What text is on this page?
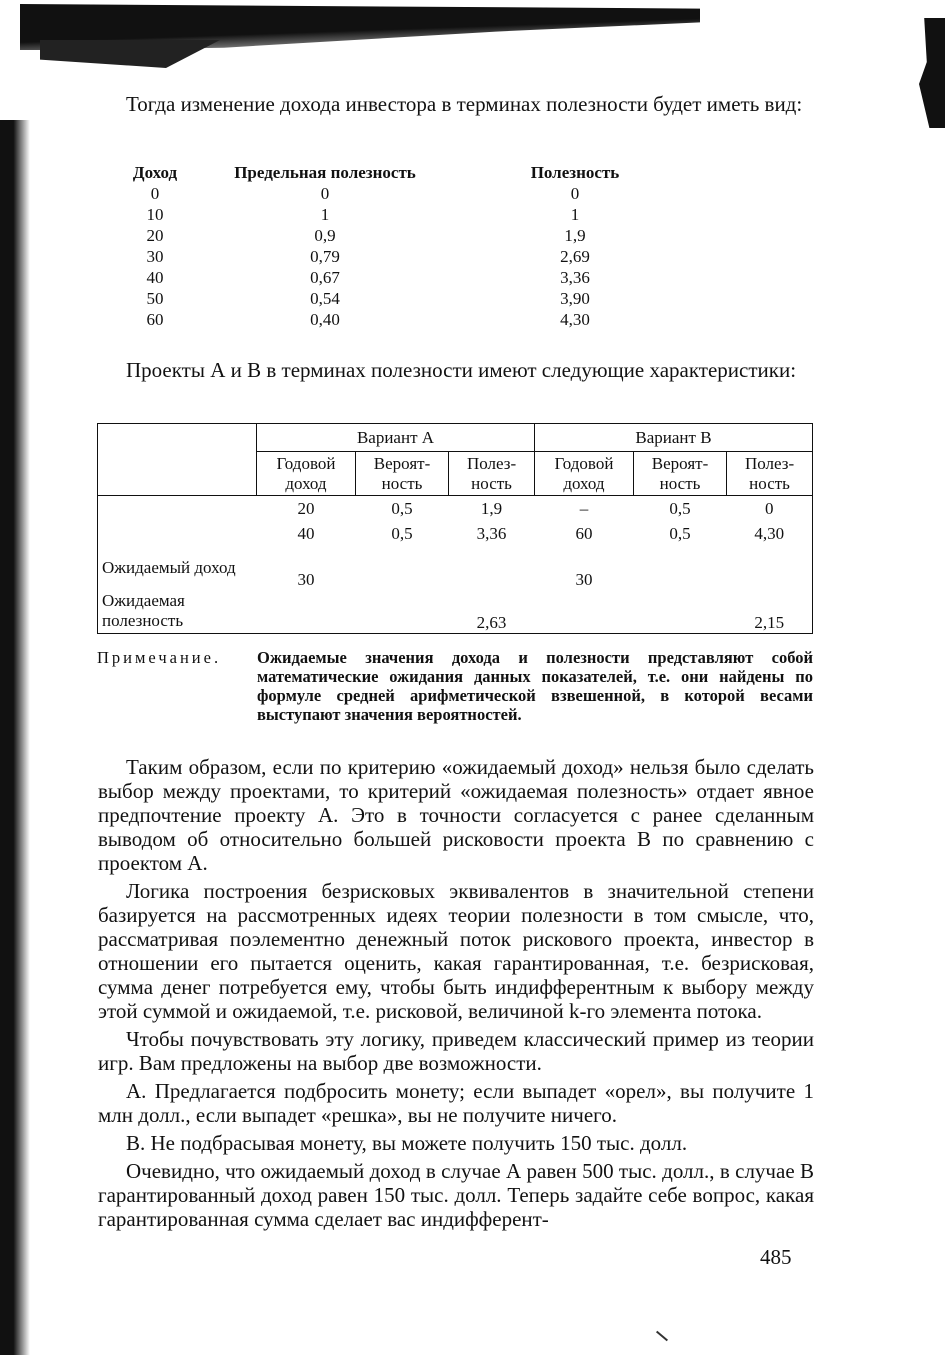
Тогда изменение дохода инвестора в терминах полезности будет иметь вид:

Доход	Предельная полезность	Полезность
0	0	0
10	1	1
20	0,9	1,9
30	0,79	2,69
40	0,67	3,36
50	0,54	3,90
60	0,40	4,30

Проекты А и В в терминах полезности имеют следующие характеристики:

	Вариант А			Вариант В		
	Годовой доход	Вероят-ность	Полез-ность	Годовой доход	Вероят-ность	Полез-ность
	20	0,5	1,9	–	0,5	0
	40	0,5	3,36	60	0,5	4,30
Ожидаемый доход	30			30		
Ожидаемая полезность			2,63			2,15
Примечание.	Ожидаемые значения дохода и полезности представляют собой математические ожидания данных показателей, т.е. они найдены по формуле средней арифметической взвешенной, в которой весами выступают значения вероятностей.

Таким образом, если по критерию «ожидаемый доход» нельзя было сделать выбор между проектами, то критерий «ожидаемая полезность» отдает явное предпочтение проекту А. Это в точности согласуется с ранее сделанным выводом об относительно большей рисковости проекта В по сравнению с проектом А.

Логика построения безрисковых эквивалентов в значительной степени базируется на рассмотренных идеях теории полезности в том смысле, что, рассматривая поэлементно денежный поток рискового проекта, инвестор в отношении его пытается оценить, какая гарантированная, т.е. безрисковая, сумма денег потребуется ему, чтобы быть индифферентным к выбору между этой суммой и ожидаемой, т.е. рисковой, величиной k-го элемента потока.

Чтобы почувствовать эту логику, приведем классический пример из теории игр. Вам предложены на выбор две возможности.

А. Предлагается подбросить монету; если выпадет «орел», вы получите 1 млн долл., если выпадет «решка», вы не получите ничего.

В. Не подбрасывая монету, вы можете получить 150 тыс. долл.

Очевидно, что ожидаемый доход в случае А равен 500 тыс. долл., в случае В гарантированный доход равен 150 тыс. долл. Теперь задайте себе вопрос, какая гарантированная сумма сделает вас индифферент-

485
